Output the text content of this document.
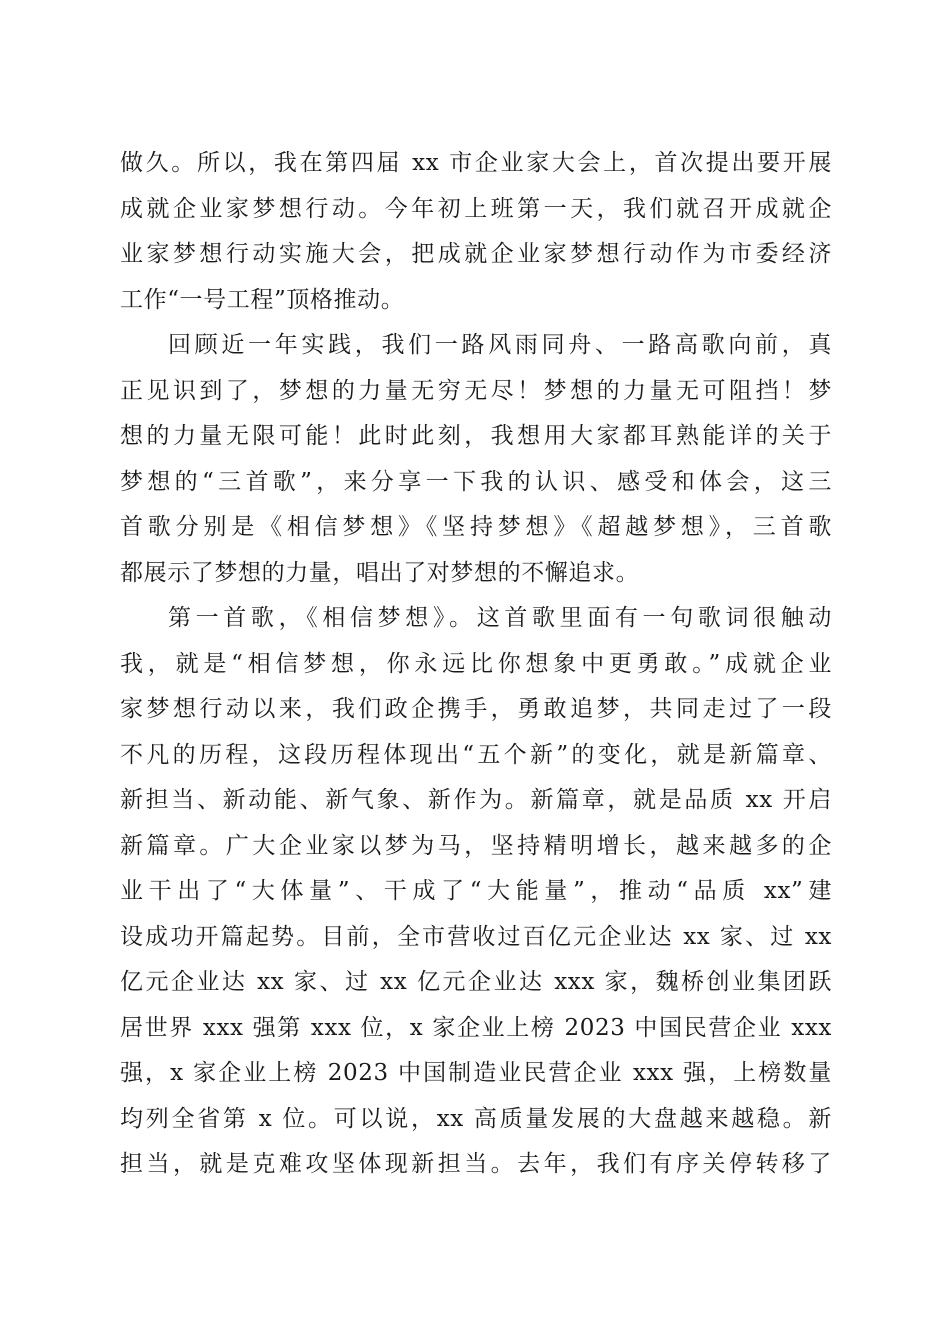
做久。所以，我在第四届 xx 市企业家大会上，首次提出要开展
成就企业家梦想行动。今年初上班第一天，我们就召开成就企
业家梦想行动实施大会，把成就企业家梦想行动作为市委经济
工作“一号工程”顶格推动。

回顾近一年实践，我们一路风雨同舟、一路高歌向前，真
正见识到了，梦想的力量无穷无尽！梦想的力量无可阻挡！梦
想的力量无限可能！此时此刻，我想用大家都耳熟能详的关于
梦想的“三首歌”，来分享一下我的认识、感受和体会，这三
首歌分别是《相信梦想》《坚持梦想》《超越梦想》，三首歌
都展示了梦想的力量，唱出了对梦想的不懈追求。

第一首歌，《相信梦想》。这首歌里面有一句歌词很触动
我，就是“相信梦想，你永远比你想象中更勇敢。”成就企业
家梦想行动以来，我们政企携手，勇敢追梦，共同走过了一段
不凡的历程，这段历程体现出“五个新”的变化，就是新篇章、
新担当、新动能、新气象、新作为。新篇章，就是品质 xx 开启
新篇章。广大企业家以梦为马，坚持精明增长，越来越多的企
业干出了“大体量”、干成了“大能量”，推动“品质 xx”建
设成功开篇起势。目前，全市营收过百亿元企业达 xx 家、过 xx
亿元企业达 xx 家、过 xx 亿元企业达 xxx 家，魏桥创业集团跃
居世界 xxx 强第 xxx 位，x 家企业上榜 2023 中国民营企业 xxx
强，x 家企业上榜 2023 中国制造业民营企业 xxx 强，上榜数量
均列全省第 x 位。可以说，xx 高质量发展的大盘越来越稳。新
担当，就是克难攻坚体现新担当。去年，我们有序关停转移了
